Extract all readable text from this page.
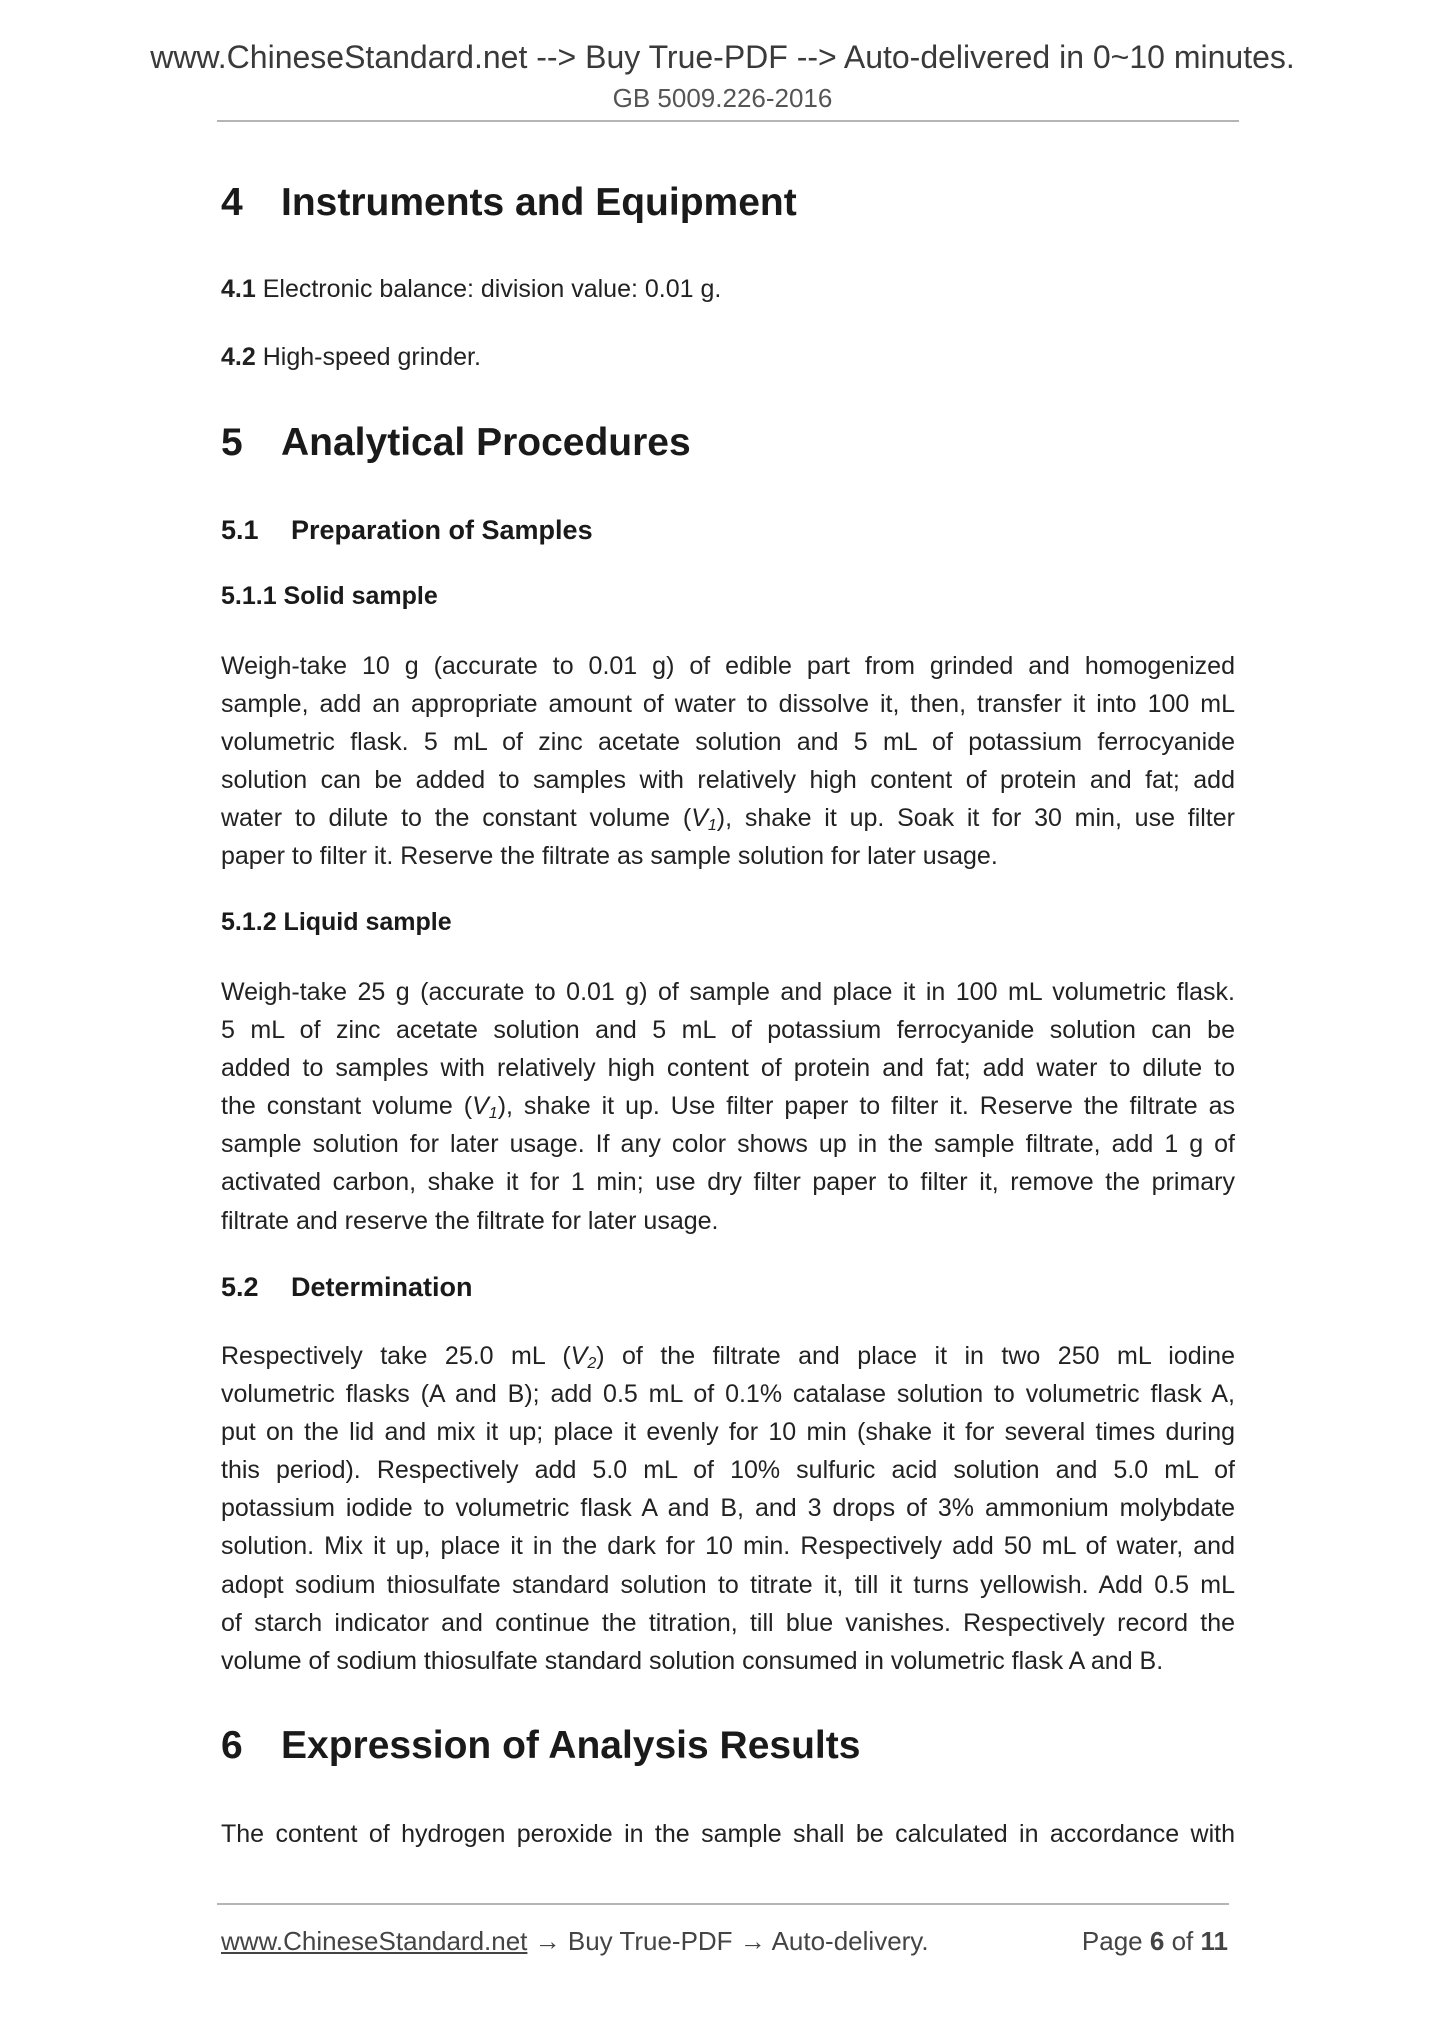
www.ChineseStandard.net --> Buy True-PDF --> Auto-delivered in 0~10 minutes.
GB 5009.226-2016
4 Instruments and Equipment
4.1 Electronic balance: division value: 0.01 g.
4.2 High-speed grinder.
5 Analytical Procedures
5.1 Preparation of Samples
5.1.1 Solid sample
Weigh-take 10 g (accurate to 0.01 g) of edible part from grinded and homogenized
sample, add an appropriate amount of water to dissolve it, then, transfer it into 100 mL
volumetric flask. 5 mL of zinc acetate solution and 5 mL of potassium ferrocyanide
solution can be added to samples with relatively high content of protein and fat; add
water to dilute to the constant volume $(V_1)$, shake it up. Soak it for 30 min, use filter
paper to filter it. Reserve the filtrate as sample solution for later usage.
5.1.2 Liquid sample
Weigh-take 25 g (accurate to 0.01 g) of sample and place it in 100 mL volumetric flask.
5 mL of zinc acetate solution and 5 mL of potassium ferrocyanide solution can be
added to samples with relatively high content of protein and fat; add water to dilute to
the constant volume $(V_1)$, shake it up. Use filter paper to filter it. Reserve the filtrate as
sample solution for later usage. If any color shows up in the sample filtrate, add 1 g of
activated carbon, shake it for 1 min; use dry filter paper to filter it, remove the primary
filtrate and reserve the filtrate for later usage.
5.2 Determination
Respectively take 25.0 mL $(V_2)$ of the filtrate and place it in two 250 mL iodine
volumetric flasks (A and B); add 0.5 mL of 0.1% catalase solution to volumetric flask A,
put on the lid and mix it up; place it evenly for 10 min (shake it for several times during
this period). Respectively add 5.0 mL of 10% sulfuric acid solution and 5.0 mL of
potassium iodide to volumetric flask A and B, and 3 drops of 3% ammonium molybdate
solution. Mix it up, place it in the dark for 10 min. Respectively add 50 mL of water, and
adopt sodium thiosulfate standard solution to titrate it, till it turns yellowish. Add 0.5 mL
of starch indicator and continue the titration, till blue vanishes. Respectively record the
volume of sodium thiosulfate standard solution consumed in volumetric flask A and B.
6 Expression of Analysis Results
The content of hydrogen peroxide in the sample shall be calculated in accordance with
www.ChineseStandard.net → Buy True-PDF → Auto-delivery.	Page 6 of 11
